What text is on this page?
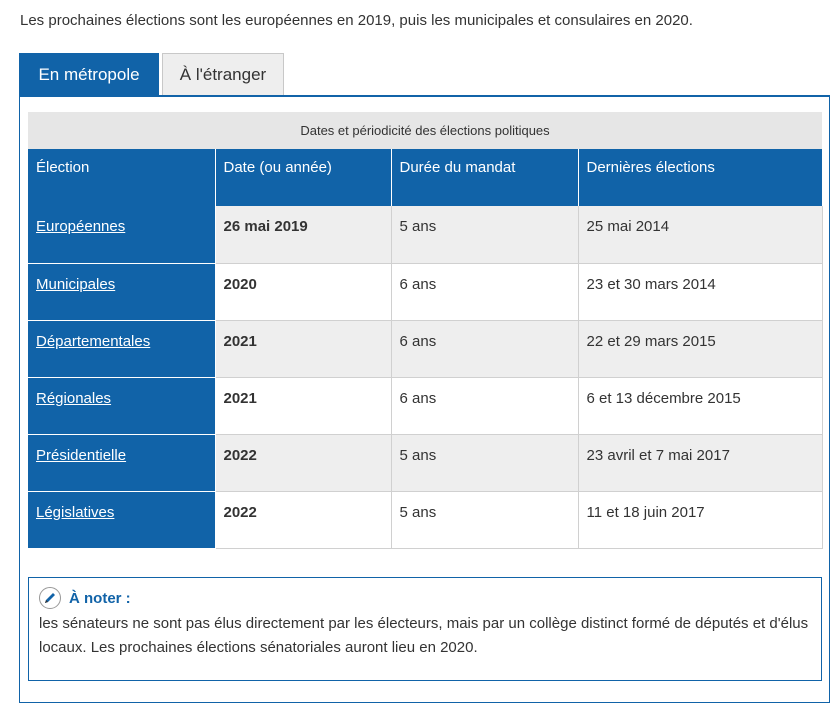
Les prochaines élections sont les européennes en 2019, puis les municipales et consulaires en 2020.

En métropole	À l'étranger
Dates et périodicité des élections politiques
Élection	Date (ou année)	Durée du mandat	Dernières élections
Européennes	26 mai 2019	5 ans	25 mai 2014
Municipales	2020	6 ans	23 et 30 mars 2014
Départementales	2021	6 ans	22 et 29 mars 2015
Régionales	2021	6 ans	6 et 13 décembre 2015
Présidentielle	2022	5 ans	23 avril et 7 mai 2017
Législatives	2022	5 ans	11 et 18 juin 2017
À noter :
les sénateurs ne sont pas élus directement par les électeurs, mais par un collège distinct formé de députés et d'élus locaux. Les prochaines élections sénatoriales auront lieu en 2020.
